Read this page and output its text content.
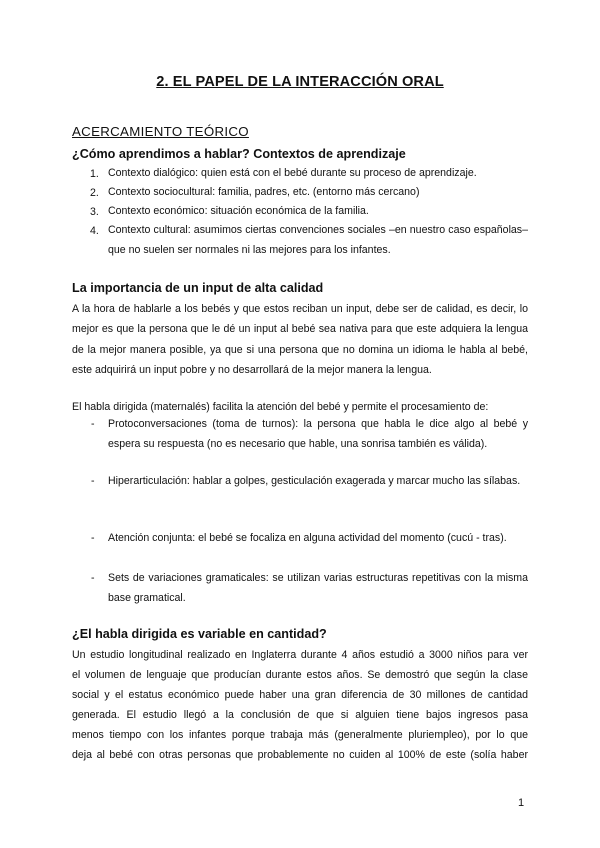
2. EL PAPEL DE LA INTERACCIÓN ORAL
ACERCAMIENTO TEÓRICO
¿Cómo aprendimos a hablar? Contextos de aprendizaje
1. Contexto dialógico: quien está con el bebé durante su proceso de aprendizaje.
2. Contexto sociocultural: familia, padres, etc. (entorno más cercano)
3. Contexto económico: situación económica de la familia.
4. Contexto cultural: asumimos ciertas convenciones sociales –en nuestro caso españolas– que no suelen ser normales ni las mejores para los infantes.
La importancia de un input de alta calidad
A la hora de hablarle a los bebés y que estos reciban un input, debe ser de calidad, es decir, lo mejor es que la persona que le dé un input al bebé sea nativa para que este adquiera la lengua de la mejor manera posible, ya que si una persona que no domina un idioma le habla al bebé, este adquirirá un input pobre y no desarrollará de la mejor manera la lengua.
El habla dirigida (maternalés) facilita la atención del bebé y permite el procesamiento de:
- Protoconversaciones (toma de turnos): la persona que habla le dice algo al bebé y espera su respuesta (no es necesario que hable, una sonrisa también es válida).
- Hiperarticulación: hablar a golpes, gesticulación exagerada y marcar mucho las sílabas.
- Atención conjunta: el bebé se focaliza en alguna actividad del momento (cucú - tras).
- Sets de variaciones gramaticales: se utilizan varias estructuras repetitivas con la misma base gramatical.
¿El habla dirigida es variable en cantidad?
Un estudio longitudinal realizado en Inglaterra durante 4 años estudió a 3000 niños para ver
el volumen de lenguaje que producían durante estos años. Se demostró que según la clase
social y el estatus económico puede haber una gran diferencia de 30 millones de cantidad
generada. El estudio llegó a la conclusión de que si alguien tiene bajos ingresos pasa
menos tiempo con los infantes porque trabaja más (generalmente pluriempleo), por lo que
deja al bebé con otras personas que probablemente no cuiden al 100% de este (solía haber
1
